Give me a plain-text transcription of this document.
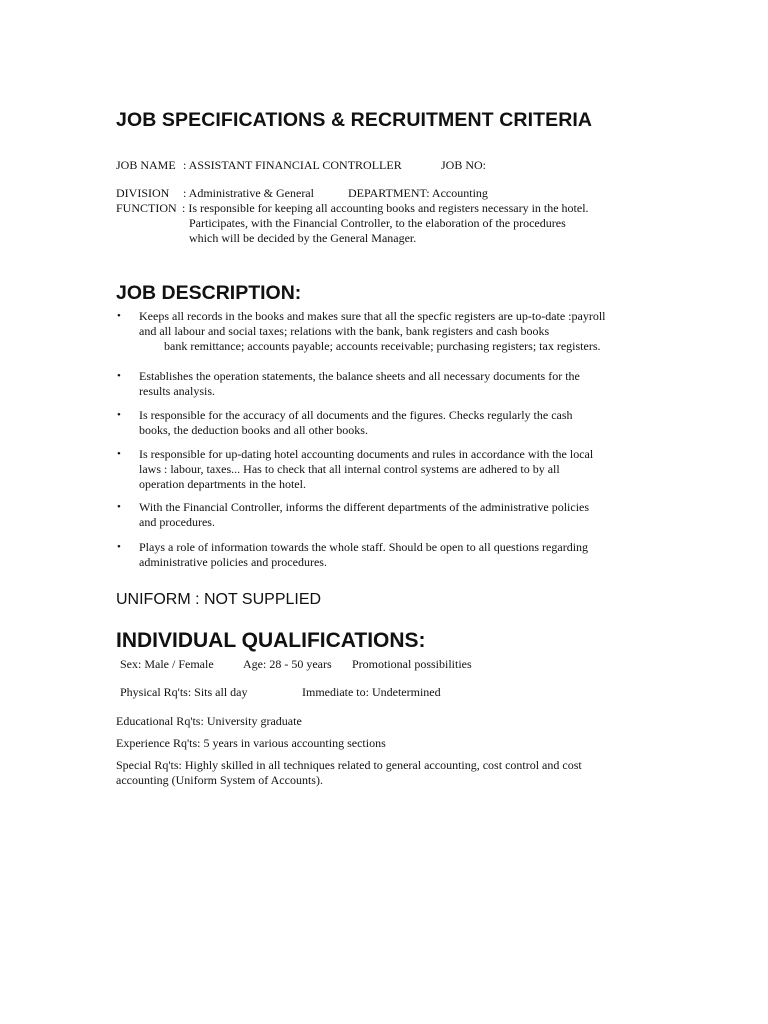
JOB SPECIFICATIONS & RECRUITMENT CRITERIA
JOB NAME : ASSISTANT FINANCIAL CONTROLLER	JOB NO:
DIVISION : Administrative & General	DEPARTMENT: Accounting
FUNCTION : Is responsible for keeping all accounting books and registers necessary in the hotel.
Participates, with the Financial Controller, to the elaboration of the procedures
which will be decided by the General Manager.
JOB DESCRIPTION:
• Keeps all records in the books and makes sure that all the specfic registers are up-to-date :payroll
and all labour and social taxes; relations with the bank, bank registers and cash books
bank remittance; accounts payable; accounts receivable; purchasing registers; tax registers.
• Establishes the operation statements, the balance sheets and all necessary documents for the
results analysis.
• Is responsible for the accuracy of all documents and the figures. Checks regularly the cash
books, the deduction books and all other books.
• Is responsible for up-dating hotel accounting documents and rules in accordance with the local
laws : labour, taxes... Has to check that all internal control systems are adhered to by all
operation departments in the hotel.
• With the Financial Controller, informs the different departments of the administrative policies
and procedures.
• Plays a role of information towards the whole staff. Should be open to all questions regarding
administrative policies and procedures.
UNIFORM : NOT SUPPLIED
INDIVIDUAL QUALIFICATIONS:
Sex: Male / Female Age: 28 - 50 years Promotional possibilities
Physical Rq'ts: Sits all day	Immediate to: Undetermined
Educational Rq'ts: University graduate
Experience Rq'ts: 5 years in various accounting sections
Special Rq'ts: Highly skilled in all techniques related to general accounting, cost control and cost
accounting (Uniform System of Accounts).
